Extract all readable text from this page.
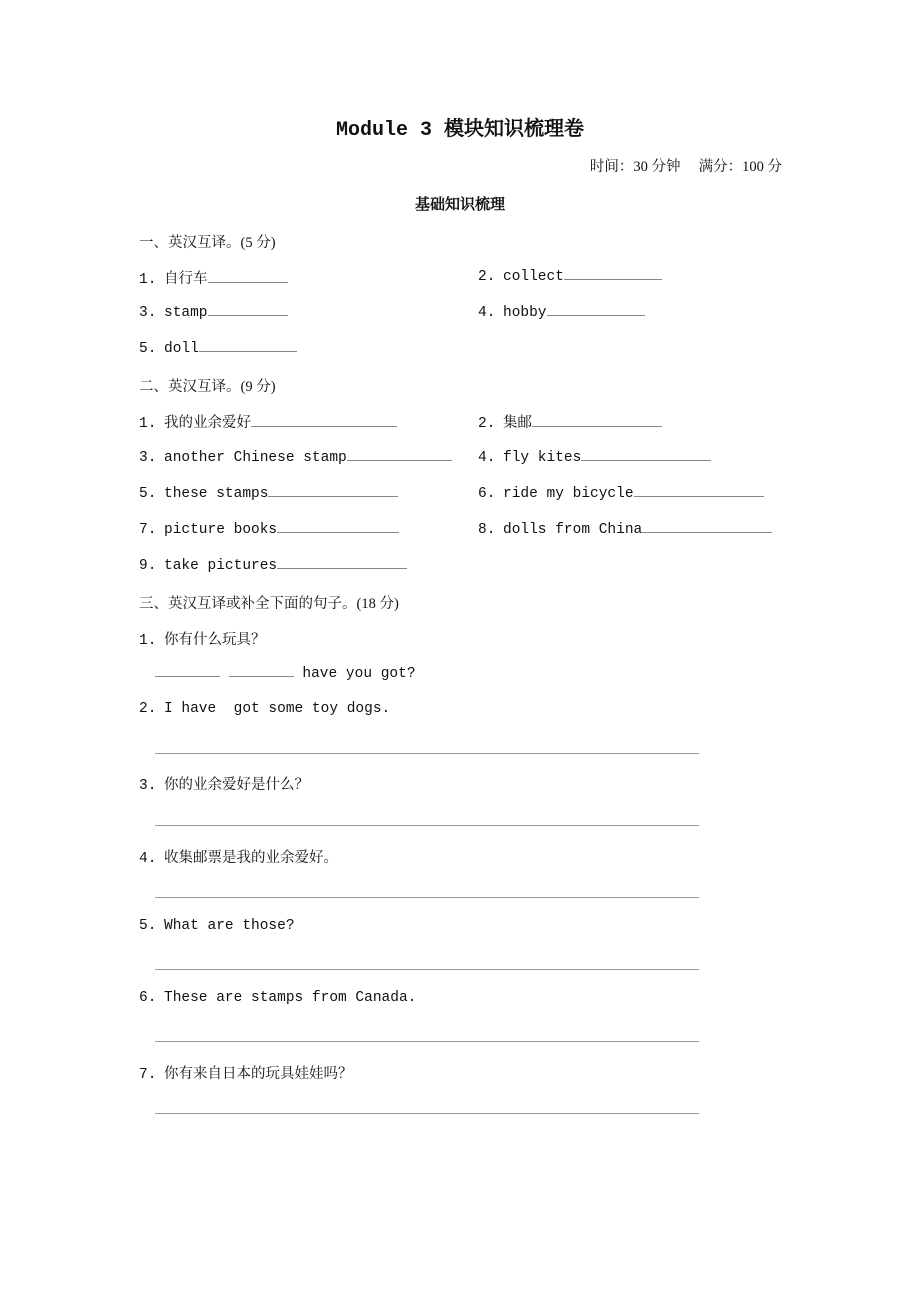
Module 3 模块知识梳理卷
时间：30 分钟　 满分：100 分
基础知识梳理
一、英汉互译。(5 分)
1. 自行车	2. collect
3. stamp	4. hobby
5. doll
二、英汉互译。(9 分)
1. 我的业余爱好	2. 集邮
3. another Chinese stamp	4. fly kites
5. these stamps	6. ride my bicycle
7. picture books	8. dolls from China
9. take pictures
三、英汉互译或补全下面的句子。(18 分)
1. 你有什么玩具？
have you got?
2. I have  got some toy dogs.
3. 你的业余爱好是什么？
4. 收集邮票是我的业余爱好。
5. What are those?
6. These are stamps from Canada.
7. 你有来自日本的玩具娃娃吗？
